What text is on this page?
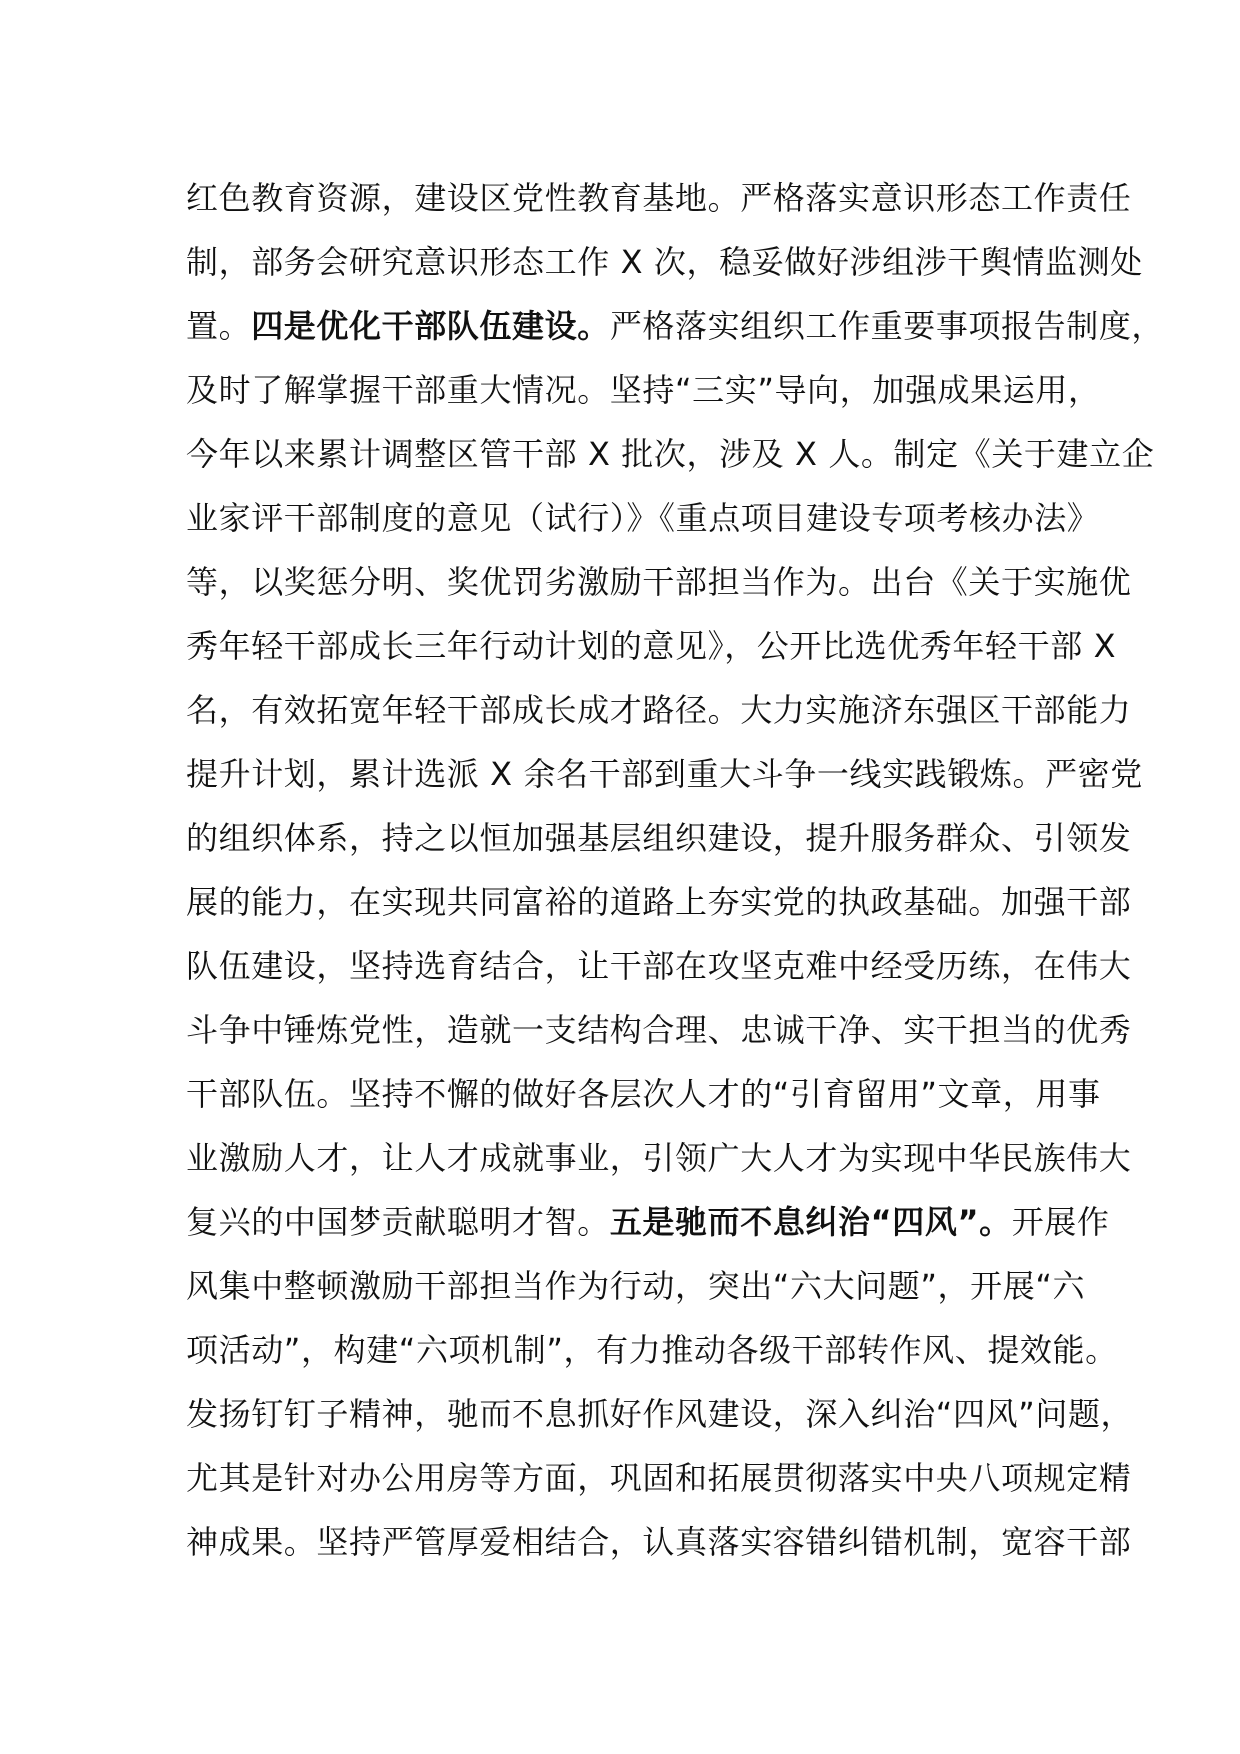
红色教育资源，建设区党性教育基地。严格落实意识形态工作责任
制，部务会研究意识形态工作 X 次，稳妥做好涉组涉干舆情监测处
置。四是优化干部队伍建设。严格落实组织工作重要事项报告制度，
及时了解掌握干部重大情况。坚持“三实”导向，加强成果运用，
今年以来累计调整区管干部 X 批次，涉及 X 人。制定《关于建立企
业家评干部制度的意见（试行）》《重点项目建设专项考核办法》
等，以奖惩分明、奖优罚劣激励干部担当作为。出台《关于实施优
秀年轻干部成长三年行动计划的意见》，公开比选优秀年轻干部 X
名，有效拓宽年轻干部成长成才路径。大力实施济东强区干部能力
提升计划，累计选派 X 余名干部到重大斗争一线实践锻炼。严密党
的组织体系，持之以恒加强基层组织建设，提升服务群众、引领发
展的能力，在实现共同富裕的道路上夯实党的执政基础。加强干部
队伍建设，坚持选育结合，让干部在攻坚克难中经受历练，在伟大
斗争中锤炼党性，造就一支结构合理、忠诚干净、实干担当的优秀
干部队伍。坚持不懈的做好各层次人才的“引育留用”文章，用事
业激励人才，让人才成就事业，引领广大人才为实现中华民族伟大
复兴的中国梦贡献聪明才智。五是驰而不息纠治“四风”。开展作
风集中整顿激励干部担当作为行动，突出“六大问题”，开展“六
项活动”，构建“六项机制”，有力推动各级干部转作风、提效能。
发扬钉钉子精神，驰而不息抓好作风建设，深入纠治“四风”问题，
尤其是针对办公用房等方面，巩固和拓展贯彻落实中央八项规定精
神成果。坚持严管厚爱相结合，认真落实容错纠错机制，宽容干部
